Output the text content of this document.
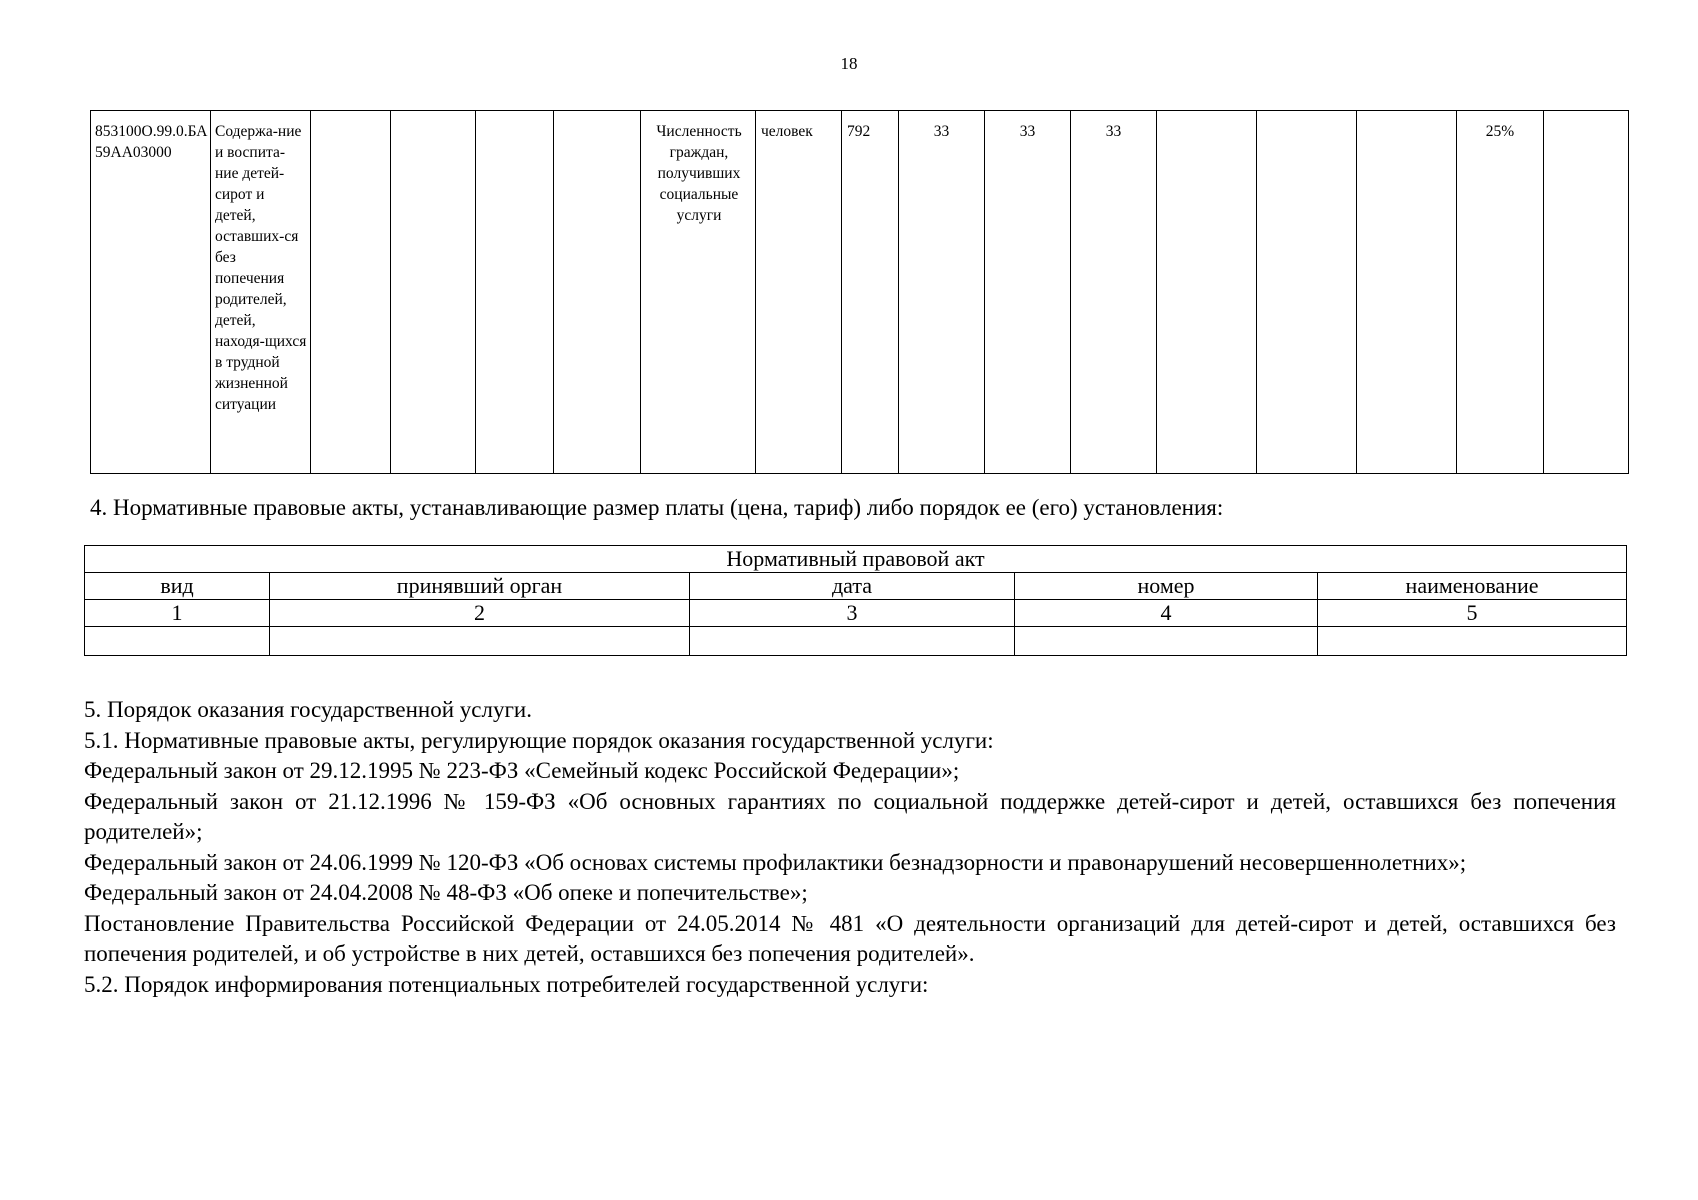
18
853100О.99.0.БА59АА03000	Содержа-ние и воспита-ние детей-сирот и детей, оставших-ся без попечения родителей, детей, находя-щихся в трудной жизненной ситуации					Численность граждан, получивших социальные услуги	человек	792	33	33	33				25%	
4. Нормативные правовые акты, устанавливающие размер платы (цена, тариф) либо порядок ее (его) установления:
Нормативный правовой акт				
вид	принявший орган	дата	номер	наименование
1	2	3	4	5

5. Порядок оказания государственной услуги.

5.1. Нормативные правовые акты, регулирующие порядок оказания государственной услуги:

Федеральный закон от 29.12.1995 № 223-ФЗ «Семейный кодекс Российской Федерации»;

Федеральный закон от 21.12.1996 № 159-ФЗ «Об основных гарантиях по социальной поддержке детей-сирот и детей, оставшихся без попечения родителей»;

Федеральный закон от 24.06.1999 № 120-ФЗ «Об основах системы профилактики безнадзорности и правонарушений несовершеннолетних»;

Федеральный закон от 24.04.2008 № 48-ФЗ «Об опеке и попечительстве»;

Постановление Правительства Российской Федерации от 24.05.2014 № 481 «О деятельности организаций для детей-сирот и детей, оставшихся без попечения родителей, и об устройстве в них детей, оставшихся без попечения родителей».

5.2. Порядок информирования потенциальных потребителей государственной услуги:
